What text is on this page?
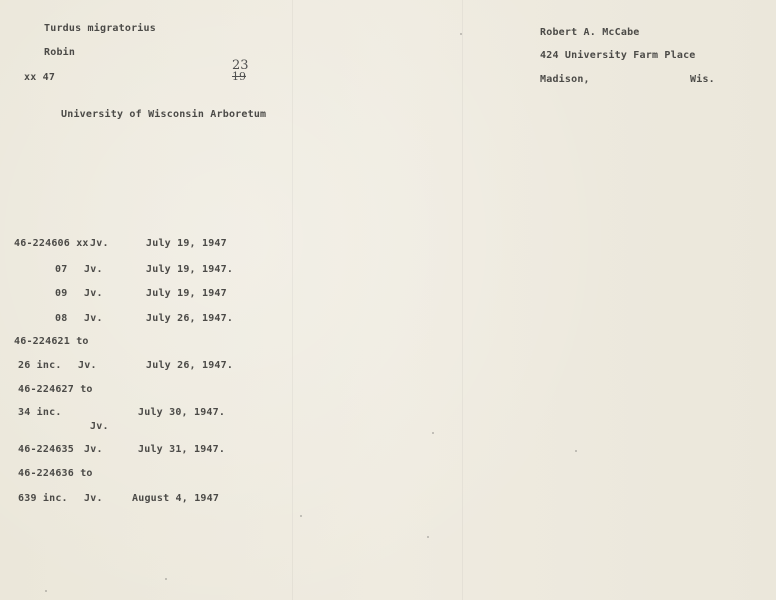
Turdus migratorius
Robin
xx 47
23
19
University of Wisconsin Arboretum
Robert A. McCabe
424 University Farm Place
Madison,	Wis.
46-224606 xx Jv.	July 19, 1947
07 Jv.	July 19, 1947.
09 Jv.	July 19, 1947
08 Jv.	July 26, 1947.
46-224621 to
26 inc. Jv.	July 26, 1947.
46-224627 to
34 inc.	July 30, 1947.
Jv.
46-224635 Jv.	July 31, 1947.
46-224636 to
639 inc. Jv.	August 4, 1947
